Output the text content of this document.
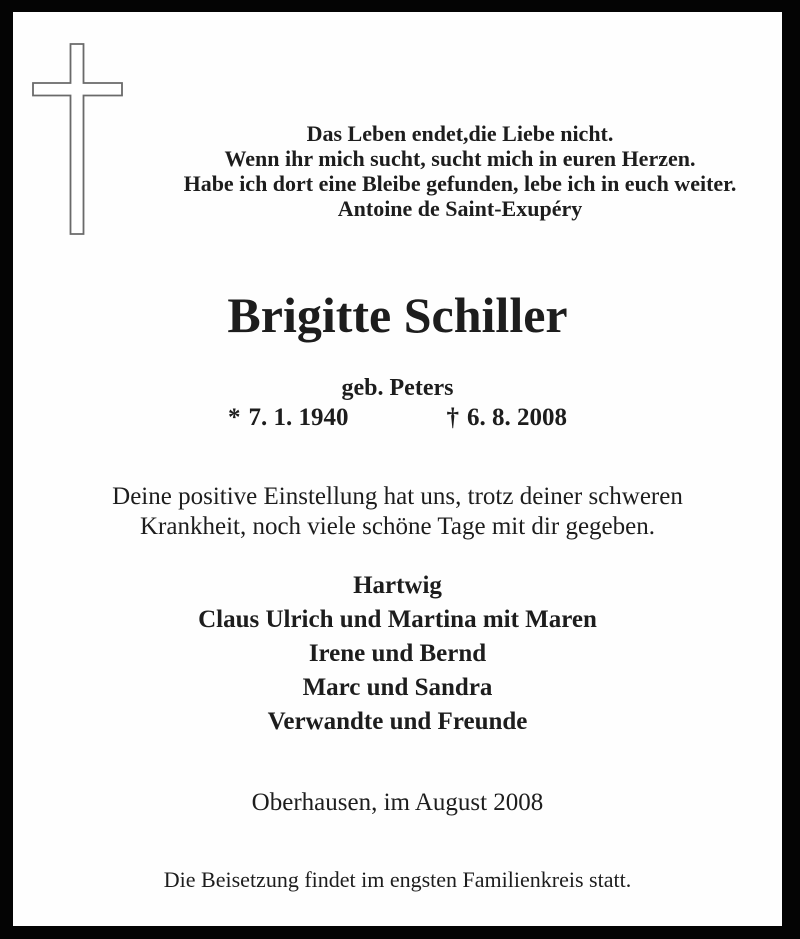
Das Leben endet,die Liebe nicht.
Wenn ihr mich sucht, sucht mich in euren Herzen.
Habe ich dort eine Bleibe gefunden, lebe ich in euch weiter.
Antoine de Saint-Exupéry
Brigitte Schiller
geb. Peters
* 7. 1. 1940	† 6. 8. 2008
Deine positive Einstellung hat uns, trotz deiner schweren
Krankheit, noch viele schöne Tage mit dir gegeben.
Hartwig
Claus Ulrich und Martina mit Maren
Irene und Bernd
Marc und Sandra
Verwandte und Freunde
Oberhausen, im August 2008
Die Beisetzung findet im engsten Familienkreis statt.
